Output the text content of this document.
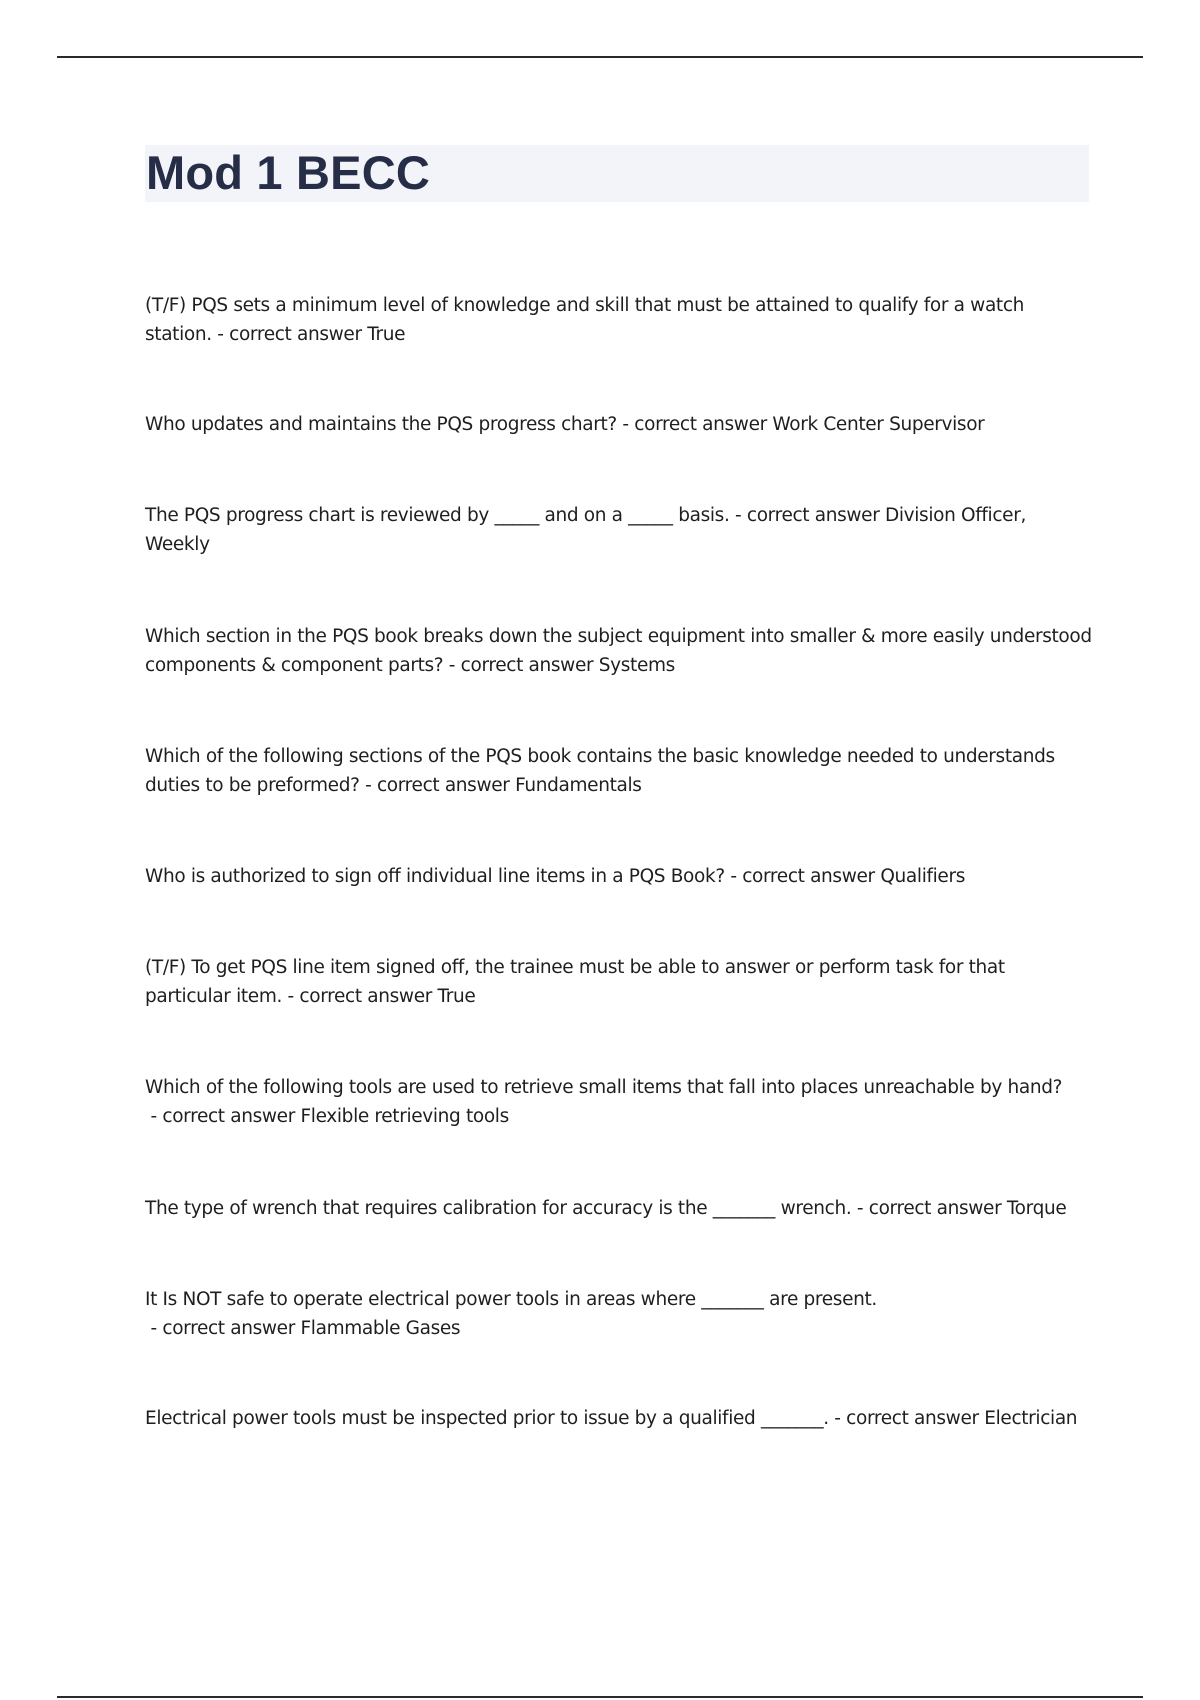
Mod 1 BECC
(T/F) PQS sets a minimum level of knowledge and skill that must be attained to qualify for a watch station. - correct answer True
Who updates and maintains the PQS progress chart? - correct answer Work Center Supervisor
The PQS progress chart is reviewed by _____ and on a _____ basis. - correct answer Division Officer, Weekly
Which section in the PQS book breaks down the subject equipment into smaller & more easily understood components & component parts? - correct answer Systems
Which of the following sections of the PQS book contains the basic knowledge needed to understands duties to be preformed? - correct answer Fundamentals
Who is authorized to sign off individual line items in a PQS Book? - correct answer Qualifiers
(T/F) To get PQS line item signed off, the trainee must be able to answer or perform task for that particular item. - correct answer True
Which of the following tools are used to retrieve small items that fall into places unreachable by hand? - correct answer Flexible retrieving tools
The type of wrench that requires calibration for accuracy is the _______ wrench. - correct answer Torque
It Is NOT safe to operate electrical power tools in areas where _______ are present. - correct answer Flammable Gases
Electrical power tools must be inspected prior to issue by a qualified _______. - correct answer Electrician
